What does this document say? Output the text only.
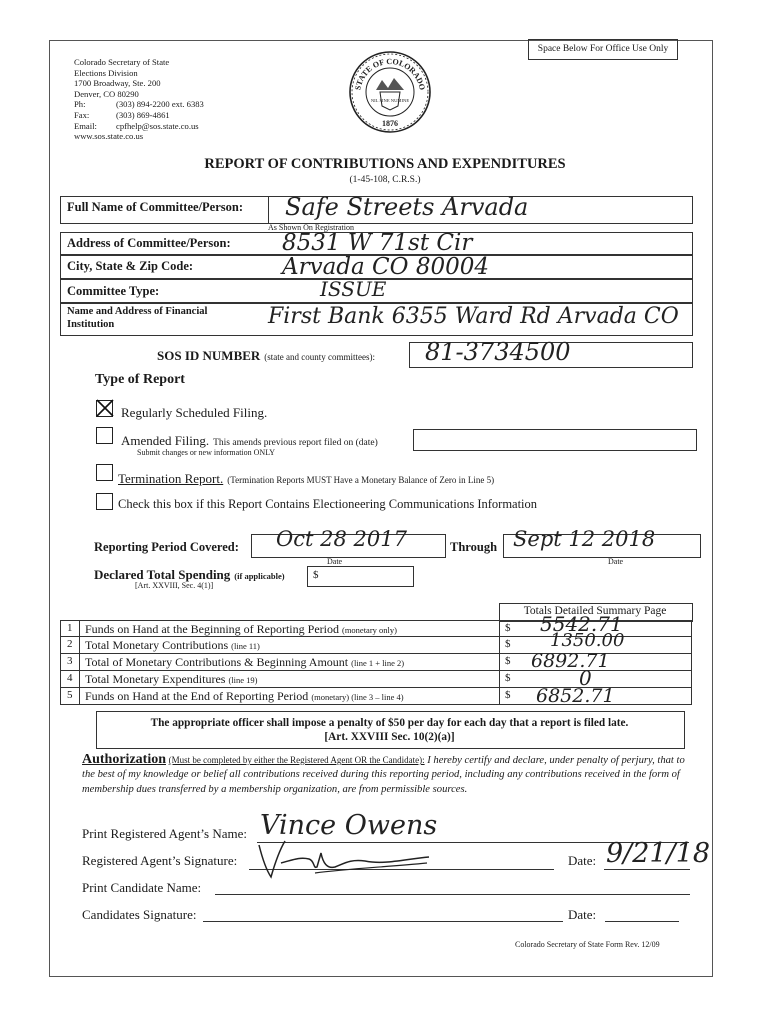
Space Below For Office Use Only
Colorado Secretary of State
Elections Division
1700 Broadway, Ste. 200
Denver, CO 80290
Ph:	(303) 894-2200 ext. 6383
Fax:	(303) 869-4861
Email: cpfhelp@sos.state.co.us
www.sos.state.co.us
STATE OF COLORADO
NIL SINE NUMINE
1876
REPORT OF CONTRIBUTIONS AND EXPENDITURES
(1-45-108, C.R.S.)
Full Name of Committee/Person: Safe Streets Arvada
As Shown On Registration
Address of Committee/Person: 8531 W 71st Cir
City, State & Zip Code:	Arvada CO 80004
Committee Type:	ISSUE
Name and Address of Financial
Institution	First Bank 6355 Ward Rd Arvada CO
SOS ID NUMBER (state and county committees): 81-3734500
Type of Report
Regularly Scheduled Filing.
Amended Filing. This amends previous report filed on (date)
Submit changes or new information ONLY
Termination Report. (Termination Reports MUST Have a Monetary Balance of Zero in Line 5)
Check this box if this Report Contains Electioneering Communications Information
Reporting Period Covered: Oct 28 2017
Date
Through Sept 12 2018
Date
Declared Total Spending (if applicable)
[Art. XXVIII, Sec. 4(1)]
$
Totals Detailed Summary Page
1 Funds on Hand at the Beginning of Reporting Period (monetary only)	$ 5542.71
2 Total Monetary Contributions (line 11)	$ 1350.00
3 Total of Monetary Contributions & Beginning Amount (line 1 + line 2)	$ 6892.71
4 Total Monetary Expenditures (line 19)	$	0
5 Funds on Hand at the End of Reporting Period (monetary) (line 3 – line 4)	$ 6852.71
The appropriate officer shall impose a penalty of $50 per day for each day that a report is filed late.
[Art. XXVIII Sec. 10(2)(a)]
Authorization (Must be completed by either the Registered Agent OR the Candidate): I hereby certify and declare, under penalty of perjury, that to the best of my knowledge or belief all contributions received during this reporting period, including any contributions received in the form of membership dues transferred by a membership organization, are from permissible sources.
Print Registered Agent’s Name: Vince Owens
Registered Agent’s Signature:	Date: 9/21/18
Print Candidate Name:
Candidates Signature:	Date:
Colorado Secretary of State Form Rev. 12/09
